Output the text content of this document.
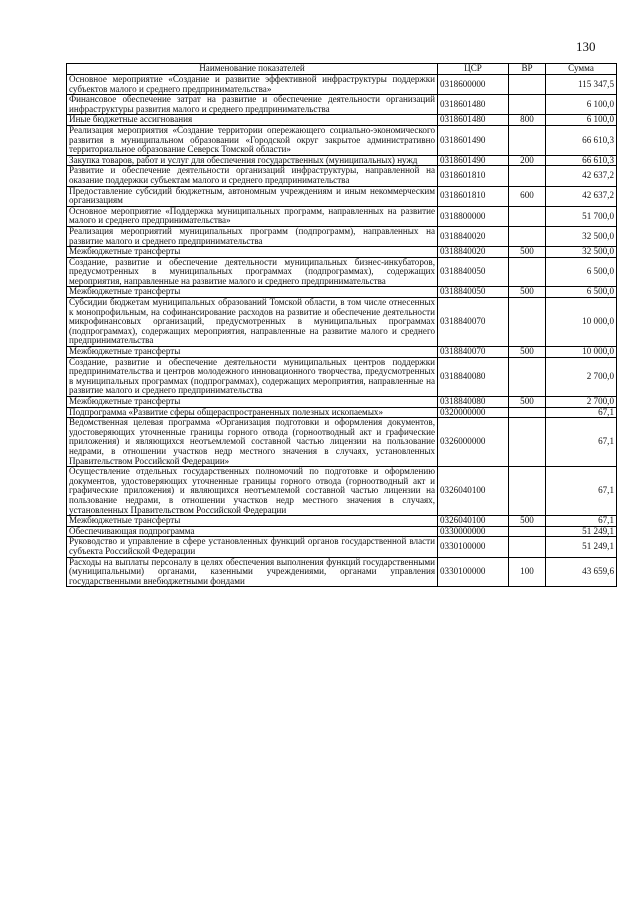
130
Наименование показателей	ЦСР	ВР	Сумма
Основное мероприятие «Создание и развитие эффективной инфраструктуры поддержки субъектов малого и среднего предпринимательства»	0318600000		115 347,5
Финансовое обеспечение затрат на развитие и обеспечение деятельности организаций инфраструктуры развития малого и среднего предпринимательства	0318601480		6 100,0
Иные бюджетные ассигнования	0318601480	800	6 100,0
Реализация мероприятия «Создание территории опережающего социально-экономического развития в муниципальном образовании «Городской округ закрытое административно территориальное образование Северск Томской области»	0318601490		66 610,3
Закупка товаров, работ и услуг для обеспечения государственных (муниципальных) нужд	0318601490	200	66 610,3
Развитие и обеспечение деятельности организаций инфраструктуры, направленной на оказание поддержки субъектам малого и среднего предпринимательства	0318601810		42 637,2
Предоставление субсидий бюджетным, автономным учреждениям и иным некоммерческим организациям	0318601810	600	42 637,2
Основное мероприятие «Поддержка муниципальных программ, направленных на развитие малого и среднего предпринимательства»	0318800000		51 700,0
Реализация мероприятий муниципальных программ (подпрограмм), направленных на развитие малого и среднего предпринимательства	0318840020		32 500,0
Межбюджетные трансферты	0318840020	500	32 500,0
Создание, развитие и обеспечение деятельности муниципальных бизнес-инкубаторов, предусмотренных в муниципальных программах (подпрограммах), содержащих мероприятия, направленные на развитие малого и среднего предпринимательства	0318840050		6 500,0
Межбюджетные трансферты	0318840050	500	6 500,0
Субсидии бюджетам муниципальных образований Томской области, в том числе отнесенных к монопрофильным, на софинансирование расходов на развитие и обеспечение деятельности микрофинансовых организаций, предусмотренных в муниципальных программах (подпрограммах), содержащих мероприятия, направленные на развитие малого и среднего предпринимательства	0318840070		10 000,0
Межбюджетные трансферты	0318840070	500	10 000,0
Создание, развитие и обеспечение деятельности муниципальных центров поддержки предпринимательства и центров молодежного инновационного творчества, предусмотренных в муниципальных программах (подпрограммах), содержащих мероприятия, направленные на развитие малого и среднего предпринимательства	0318840080		2 700,0
Межбюджетные трансферты	0318840080	500	2 700,0
Подпрограмма «Развитие сферы общераспространенных полезных ископаемых»	0320000000		67,1
Ведомственная целевая программа «Организация подготовки и оформления документов, удостоверяющих уточненные границы горного отвода (горноотводный акт и графические приложения) и являющихся неотъемлемой составной частью лицензии на пользование недрами, в отношении участков недр местного значения в случаях, установленных Правительством Российской Федерации»	0326000000		67,1
Осуществление отдельных государственных полномочий по подготовке и оформлению документов, удостоверяющих уточненные границы горного отвода (горноотводный акт и графические приложения) и являющихся неотъемлемой составной частью лицензии на пользование недрами, в отношении участков недр местного значения в случаях, установленных Правительством Российской Федерации	0326040100		67,1
Межбюджетные трансферты	0326040100	500	67,1
Обеспечивающая подпрограмма	0330000000		51 249,1
Руководство и управление в сфере установленных функций органов государственной власти субъекта Российской Федерации	0330100000		51 249,1
Расходы на выплаты персоналу в целях обеспечения выполнения функций государственными (муниципальными) органами, казенными учреждениями, органами управления государственными внебюджетными фондами	0330100000	100	43 659,6
